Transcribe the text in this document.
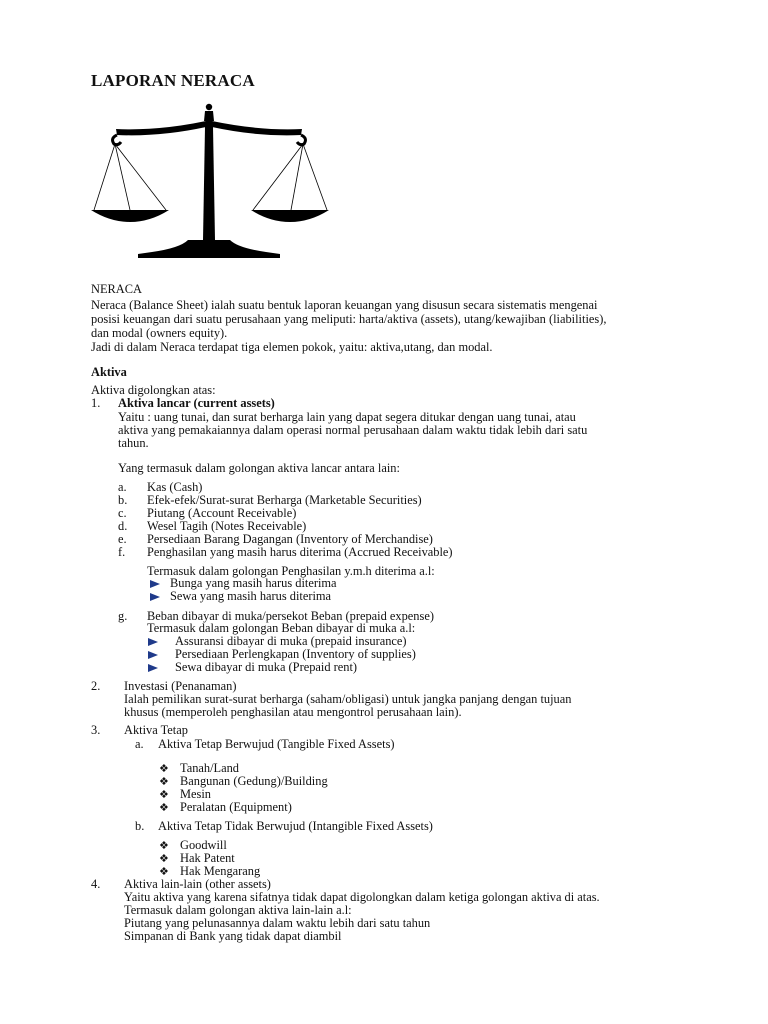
LAPORAN NERACA
NERACA
Neraca (Balance Sheet) ialah suatu bentuk laporan keuangan yang disusun secara sistematis mengenai
posisi keuangan dari suatu perusahaan yang meliputi: harta/aktiva (assets), utang/kewajiban (liabilities),
dan modal (owners equity).
Jadi di dalam Neraca terdapat tiga elemen pokok, yaitu: aktiva,utang, dan modal.
Aktiva
Aktiva digolongkan atas:
1. Aktiva lancar (current assets)
Yaitu : uang tunai, dan surat berharga lain yang dapat segera ditukar dengan uang tunai, atau
aktiva yang pemakaiannya dalam operasi normal perusahaan dalam waktu tidak lebih dari satu
tahun.
Yang termasuk dalam golongan aktiva lancar antara lain:
a. Kas (Cash)
b. Efek-efek/Surat-surat Berharga (Marketable Securities)
c. Piutang (Account Receivable)
d. Wesel Tagih (Notes Receivable)
e. Persediaan Barang Dagangan (Inventory of Merchandise)
f. Penghasilan yang masih harus diterima (Accrued Receivable)
Termasuk dalam golongan Penghasilan y.m.h diterima a.l:
Bunga yang masih harus diterima
Sewa yang masih harus diterima
g. Beban dibayar di muka/persekot Beban (prepaid expense)
Termasuk dalam golongan Beban dibayar di muka a.l:
Assuransi dibayar di muka (prepaid insurance)
Persediaan Perlengkapan (Inventory of supplies)
Sewa dibayar di muka (Prepaid rent)
2. Investasi (Penanaman)
Ialah pemilikan surat-surat berharga (saham/obligasi) untuk jangka panjang dengan tujuan
khusus (memperoleh penghasilan atau mengontrol perusahaan lain).
3. Aktiva Tetap
a. Aktiva Tetap Berwujud (Tangible Fixed Assets)
❖ Tanah/Land
❖ Bangunan (Gedung)/Building
❖ Mesin
❖ Peralatan (Equipment)
b. Aktiva Tetap Tidak Berwujud (Intangible Fixed Assets)
❖ Goodwill
❖ Hak Patent
❖ Hak Mengarang
4. Aktiva lain-lain (other assets)
Yaitu aktiva yang karena sifatnya tidak dapat digolongkan dalam ketiga golongan aktiva di atas.
Termasuk dalam golongan aktiva lain-lain a.l:
Piutang yang pelunasannya dalam waktu lebih dari satu tahun
Simpanan di Bank yang tidak dapat diambil
